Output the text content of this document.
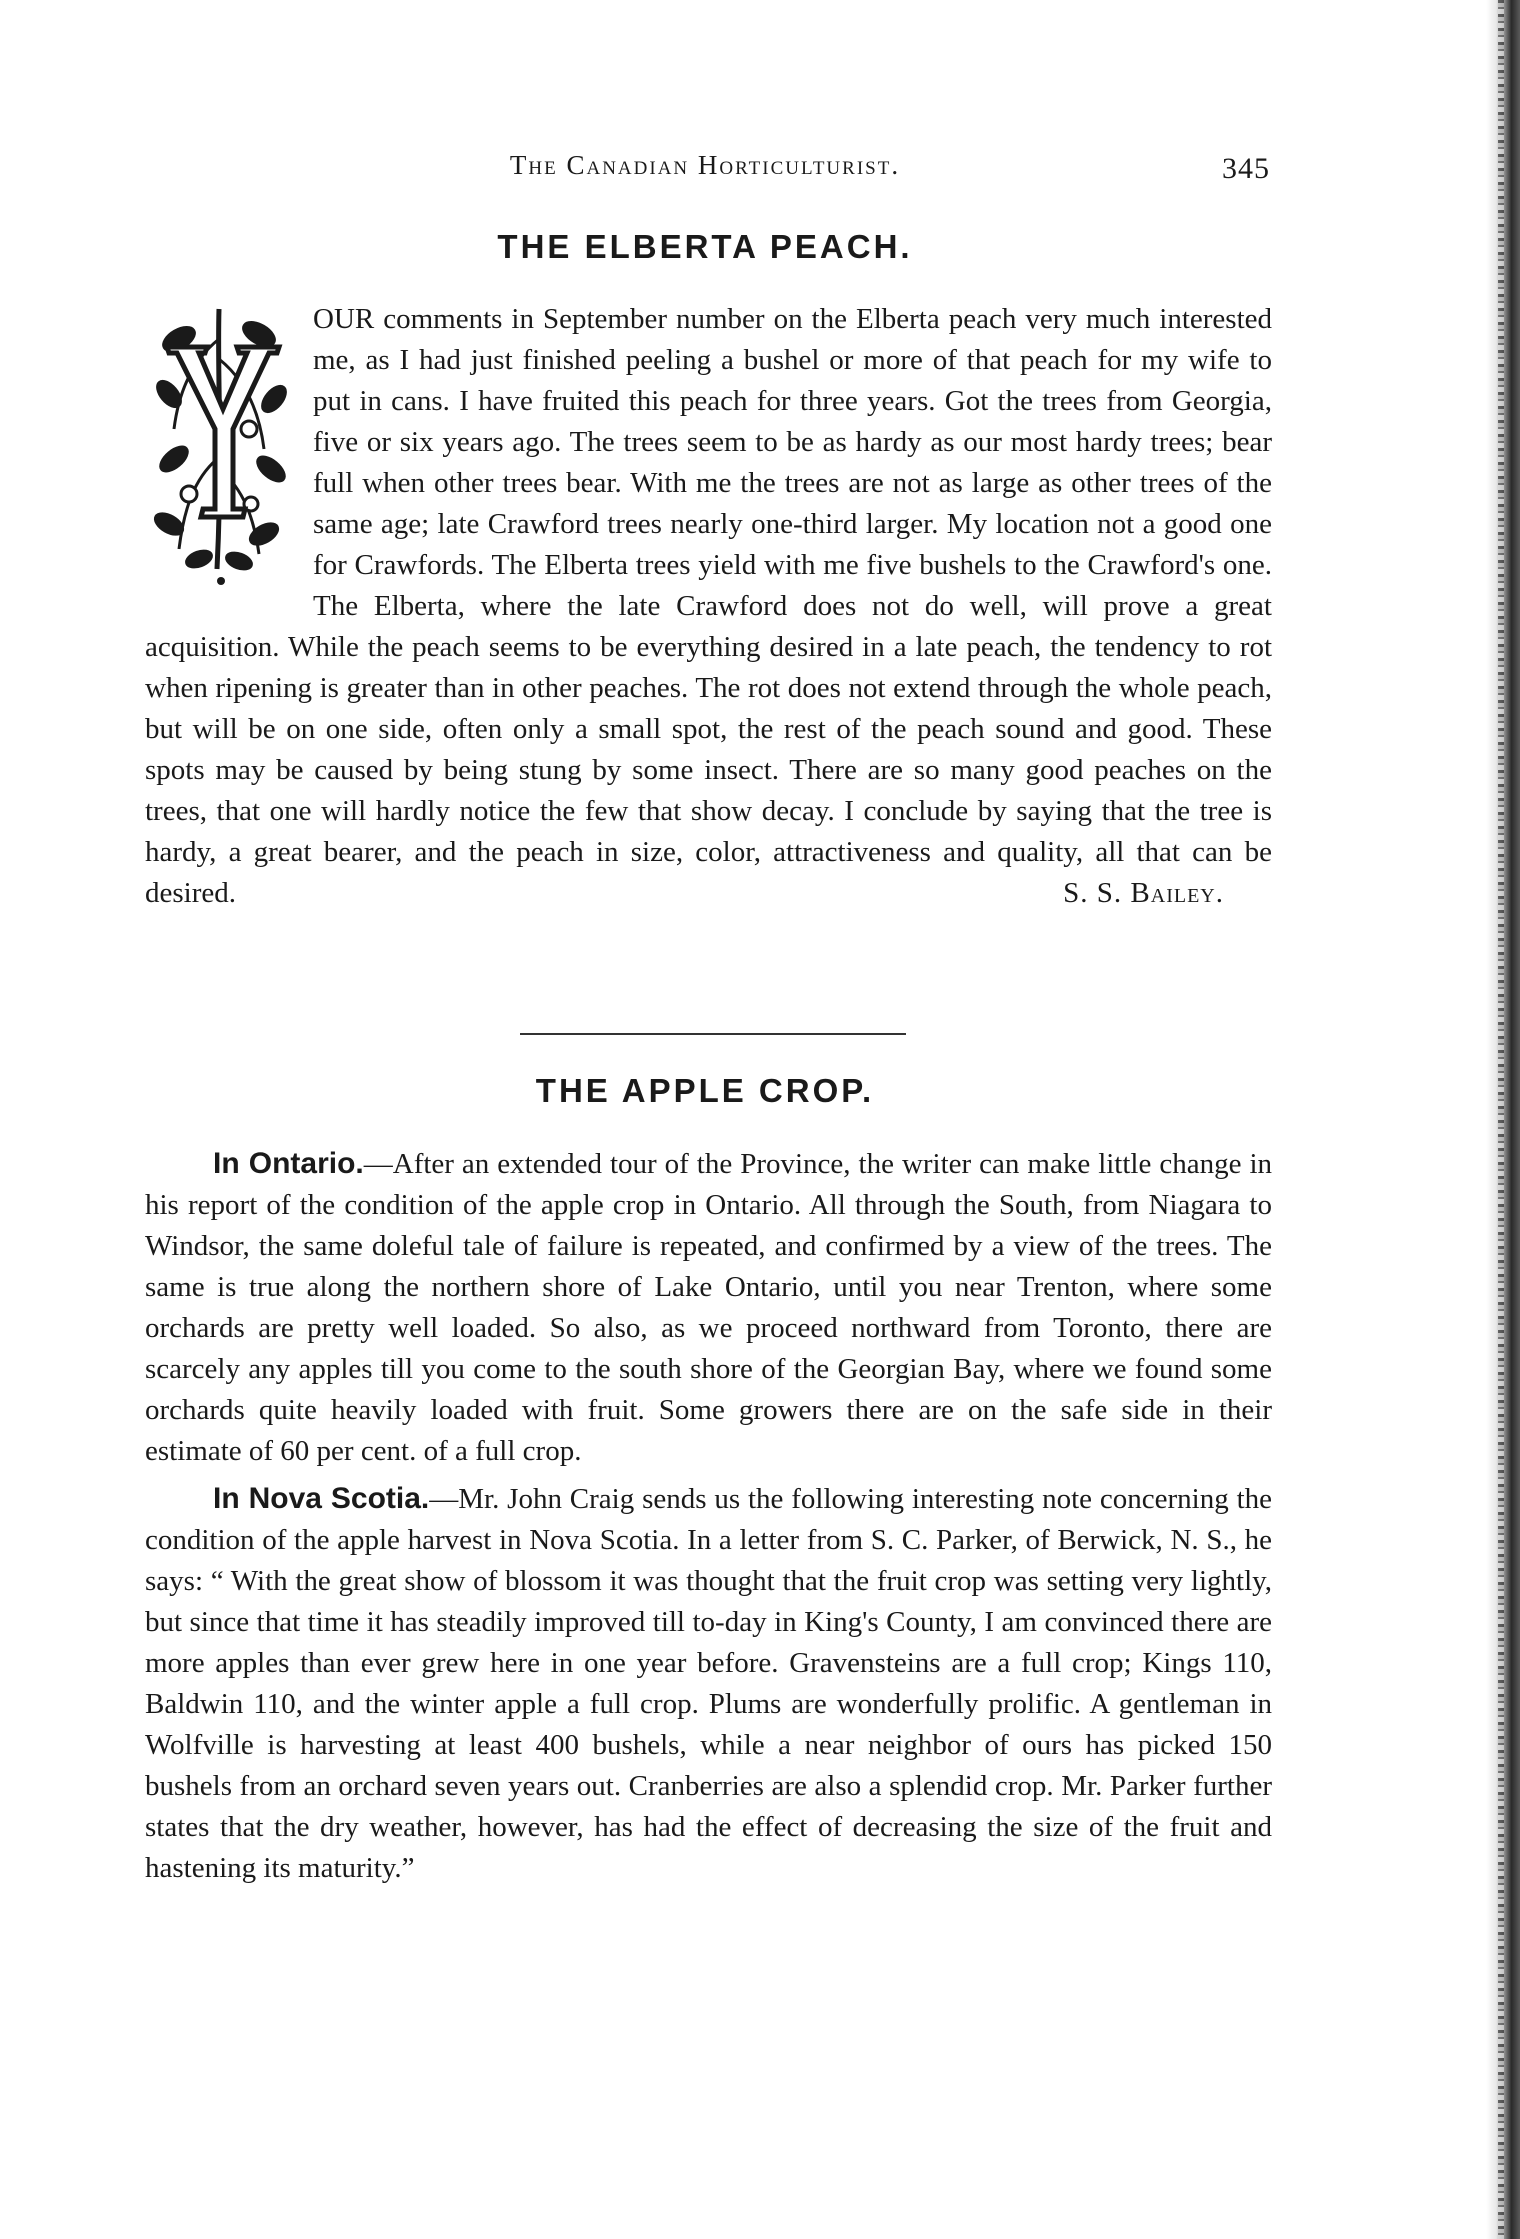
The Canadian Horticulturist.	345
THE ELBERTA PEACH.

OUR comments in September number on the Elberta peach very much interested me, as I had just finished peeling a bushel or more of that peach for my wife to put in cans. I have fruited this peach for three years. Got the trees from Georgia, five or six years ago. The trees seem to be as hardy as our most hardy trees; bear full when other trees bear. With me the trees are not as large as other trees of the same age; late Crawford trees nearly one-third larger. My location not a good one for Crawfords. The Elberta trees yield with me five bushels to the Crawford's one. The Elberta, where the late Crawford does not do well, will prove a great acquisition. While the peach seems to be everything desired in a late peach, the tendency to rot when ripening is greater than in other peaches. The rot does not extend through the whole peach, but will be on one side, often only a small spot, the rest of the peach sound and good. These spots may be caused by being stung by some insect. There are so many good peaches on the trees, that one will hardly notice the few that show decay. I conclude by saying that the tree is hardy, a great bearer, and the peach in size, color, attractiveness and quality, all that can be desired.	S. S. Bailey.

THE APPLE CROP.

In Ontario.—After an extended tour of the Province, the writer can make little change in his report of the condition of the apple crop in Ontario. All through the South, from Niagara to Windsor, the same doleful tale of failure is repeated, and confirmed by a view of the trees. The same is true along the northern shore of Lake Ontario, until you near Trenton, where some orchards are pretty well loaded. So also, as we proceed northward from Toronto, there are scarcely any apples till you come to the south shore of the Georgian Bay, where we found some orchards quite heavily loaded with fruit. Some growers there are on the safe side in their estimate of 60 per cent. of a full crop.

In Nova Scotia.—Mr. John Craig sends us the following interesting note concerning the condition of the apple harvest in Nova Scotia. In a letter from S. C. Parker, of Berwick, N. S., he says: “ With the great show of blossom it was thought that the fruit crop was setting very lightly, but since that time it has steadily improved till to-day in King's County, I am convinced there are more apples than ever grew here in one year before. Gravensteins are a full crop; Kings 110, Baldwin 110, and the winter apple a full crop. Plums are wonderfully prolific. A gentleman in Wolfville is harvesting at least 400 bushels, while a near neighbor of ours has picked 150 bushels from an orchard seven years out. Cranberries are also a splendid crop. Mr. Parker further states that the dry weather, however, has had the effect of decreasing the size of the fruit and hastening its maturity.”
